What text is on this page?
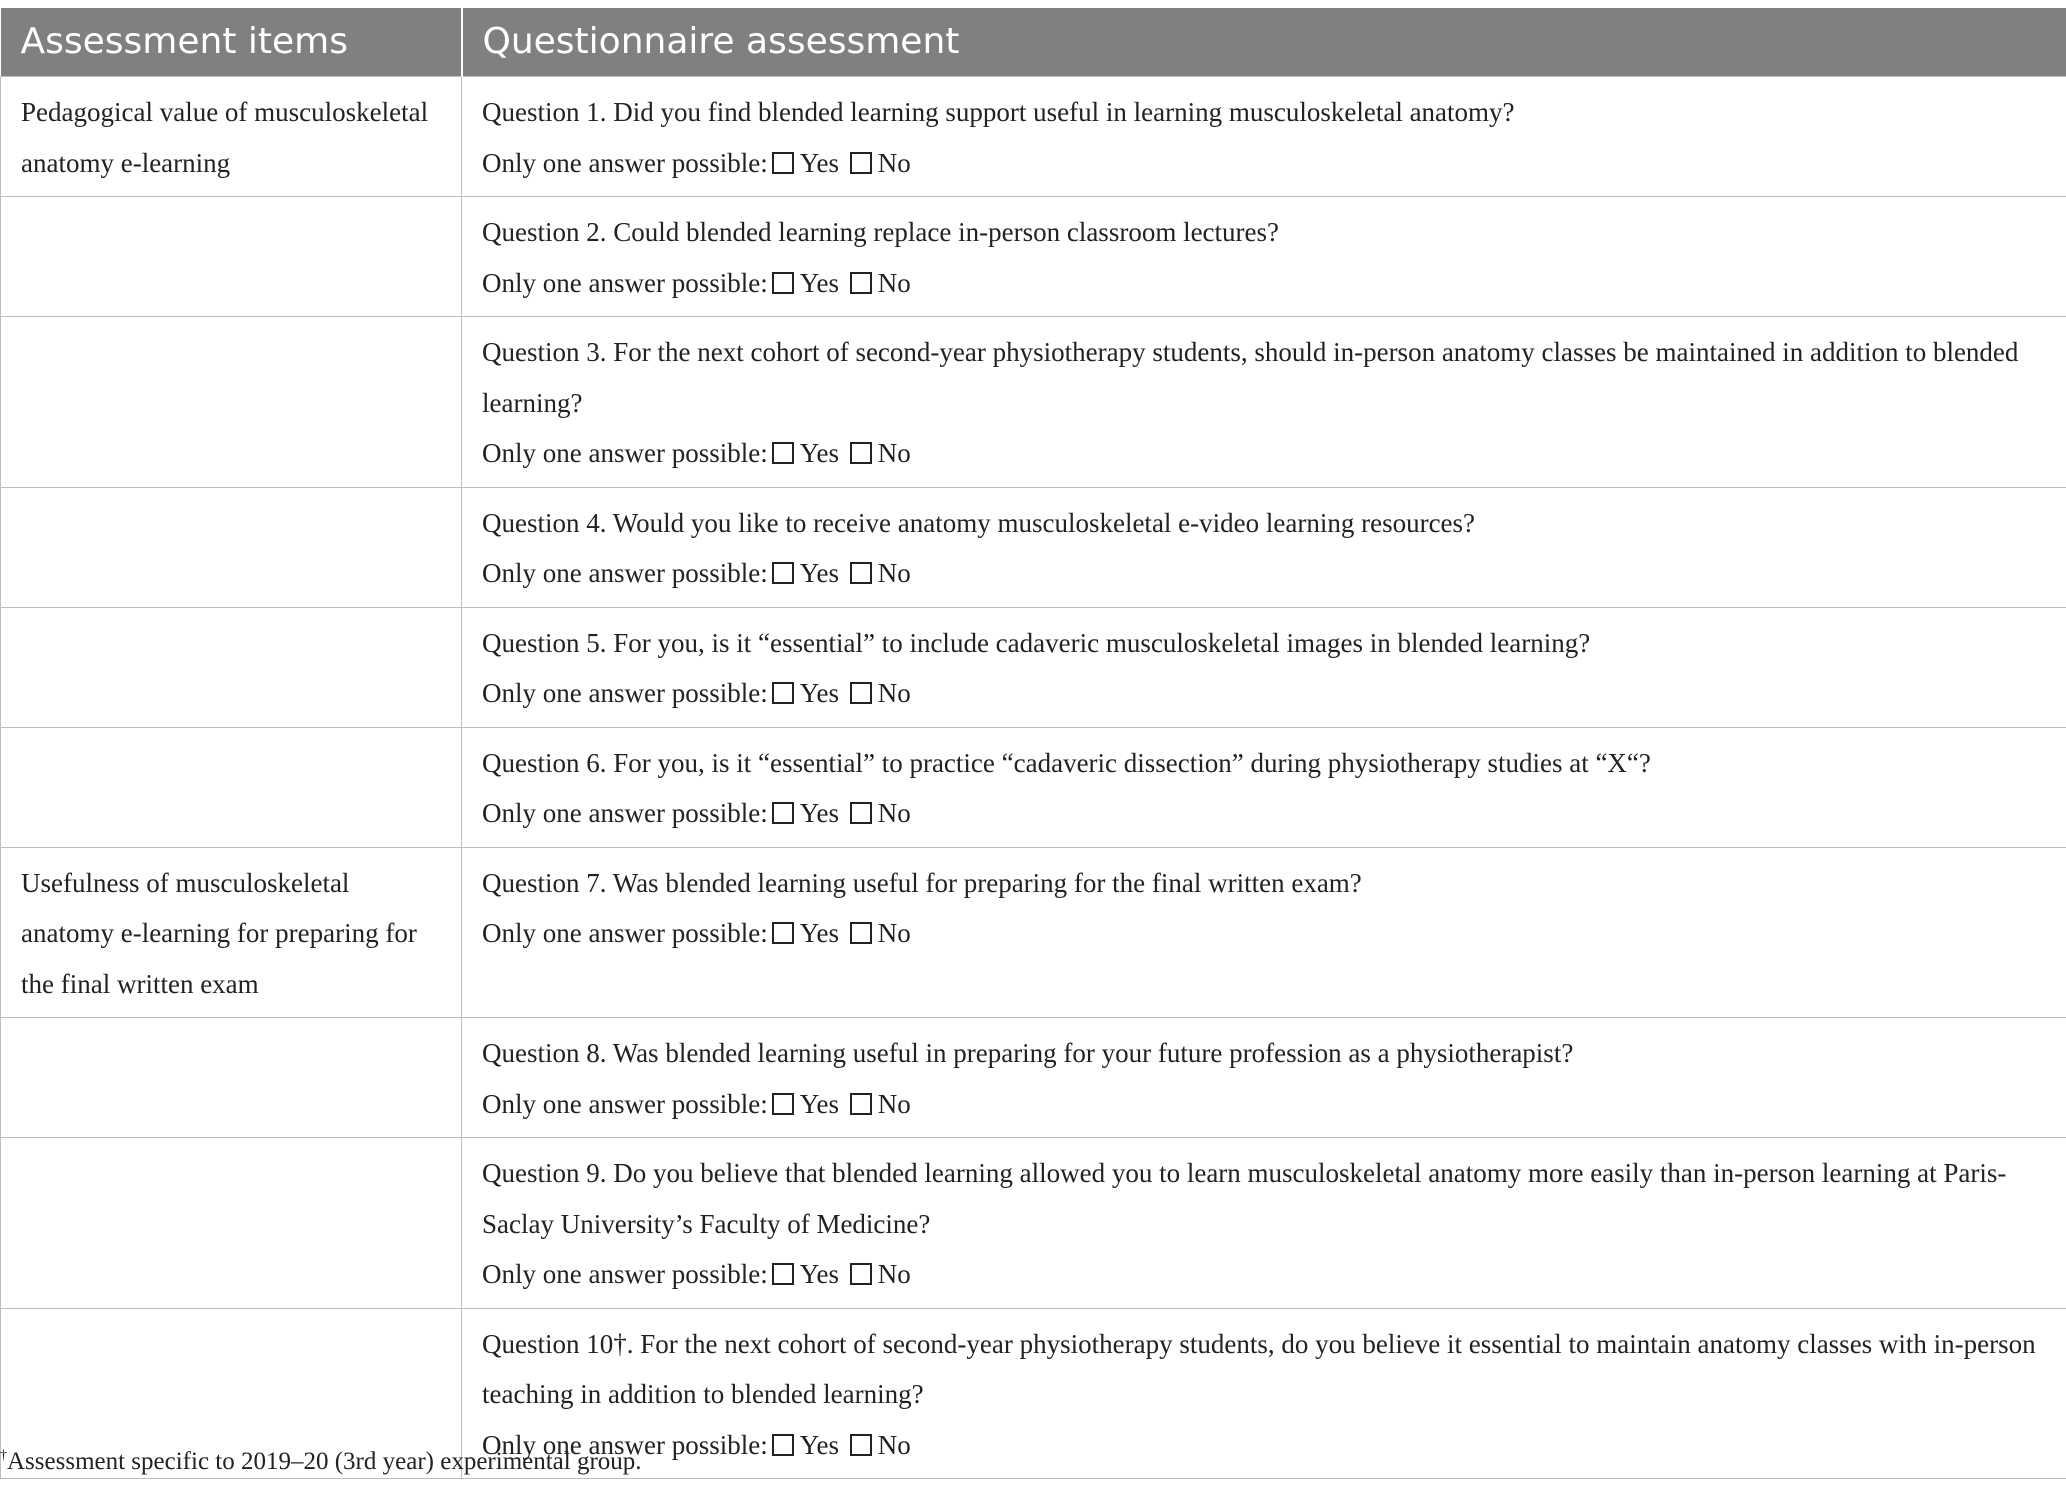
Assessment items	Questionnaire assessment
Pedagogical value of musculoskeletal anatomy e-learning	Question 1. Did you find blended learning support useful in learning musculoskeletal anatomy?
Only one answer possible: Yes No

	Question 2. Could blended learning replace in-person classroom lectures?
Only one answer possible: Yes No

	Question 3. For the next cohort of second-year physiotherapy students, should in-person anatomy classes be maintained in addition to blended learning?
Only one answer possible: Yes No

	Question 4. Would you like to receive anatomy musculoskeletal e-video learning resources?
Only one answer possible: Yes No

	Question 5. For you, is it “essential” to include cadaveric musculoskeletal images in blended learning?
Only one answer possible: Yes No

	Question 6. For you, is it “essential” to practice “cadaveric dissection” during physiotherapy studies at “X“?
Only one answer possible: Yes No

Usefulness of musculoskeletal anatomy e-learning for preparing for the final written exam	Question 7. Was blended learning useful for preparing for the final written exam?
Only one answer possible: Yes No

	Question 8. Was blended learning useful in preparing for your future profession as a physiotherapist?
Only one answer possible: Yes No

	Question 9. Do you believe that blended learning allowed you to learn musculoskeletal anatomy more easily than in-person learning at Paris-Saclay University’s Faculty of Medicine?
Only one answer possible: Yes No

	Question 10†. For the next cohort of second-year physiotherapy students, do you believe it essential to maintain anatomy classes with in-person teaching in addition to blended learning?
Only one answer possible: Yes No
†Assessment specific to 2019–20 (3rd year) experimental group.
